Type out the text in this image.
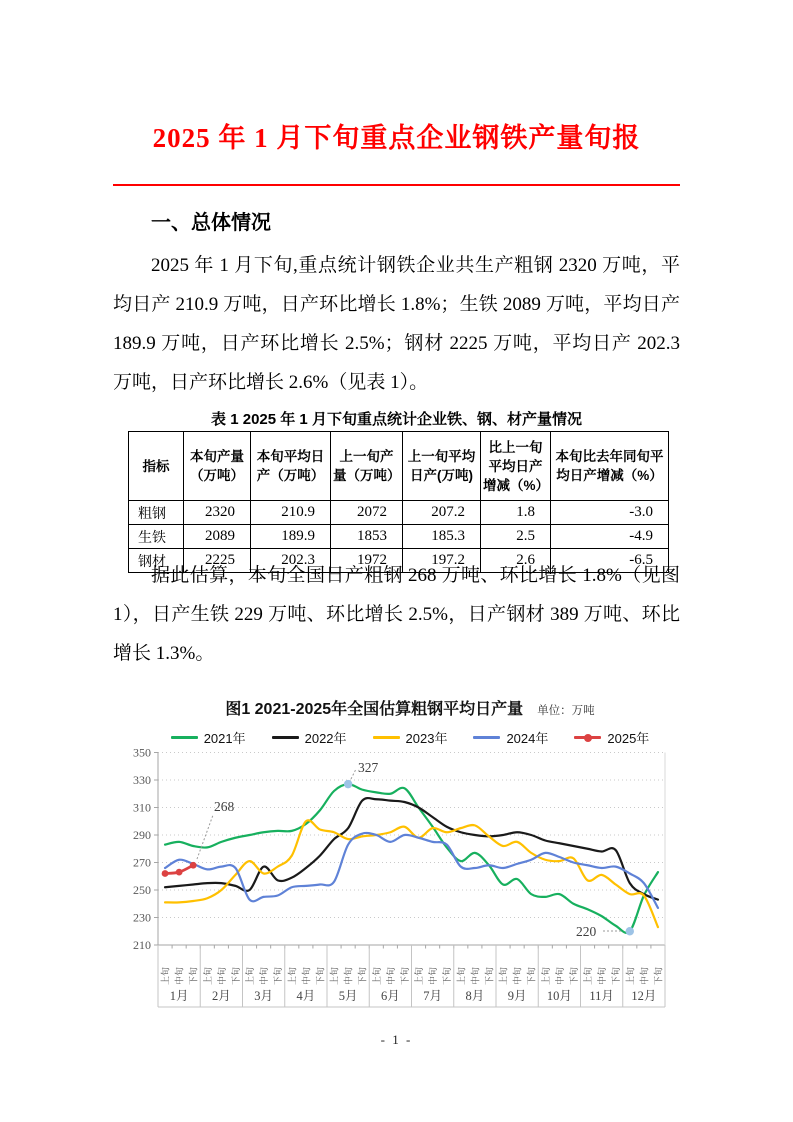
2025 年 1 月下旬重点企业钢铁产量旬报
一、总体情况

2025 年 1 月下旬,重点统计钢铁企业共生产粗钢 2320 万吨，平均日产 210.9 万吨，日产环比增长 1.8%；生铁 2089 万吨，平均日产 189.9 万吨，日产环比增长 2.5%；钢材 2225 万吨，平均日产 202.3 万吨，日产环比增长 2.6%（见表 1）。

表 1 2025 年 1 月下旬重点统计企业铁、钢、材产量情况

指标	本旬产量（万吨）	本旬平均日产（万吨）	上一旬产量（万吨）	上一旬平均日产(万吨)	比上一旬平均日产增减（%）	本旬比去年同旬平均日产增减（%）
粗钢	2320	210.9	2072	207.2	1.8	-3.0
生铁	2089	189.9	1853	185.3	2.5	-4.9
钢材	2225	202.3	1972	197.2	2.6	-6.5

据此估算，本旬全国日产粗钢 268 万吨、环比增长 1.8%（见图 1），日产生铁 229 万吨、环比增长 2.5%，日产钢材 389 万吨、环比增长 1.3%。

210
230
250
270
290
310
330
350
上旬 中旬 下旬 上旬 中旬 下旬 上旬 中旬 下旬 上旬 中旬 下旬 上旬 中旬 下旬 上旬 中旬 下旬 上旬 中旬 下旬 上旬 中旬 下旬 上旬 中旬 下旬 上旬 中旬 下旬 上旬 中旬 下旬 上旬 中旬 下旬
1月 2月 3月 4月 5月 6月 7月 8月 9月 10月 11月 12月
327
268
220
图1 2021-2025年全国估算粗钢平均日产量 单位：万吨
2021年	2022年	2023年	2024年	2025年
- 1 -
